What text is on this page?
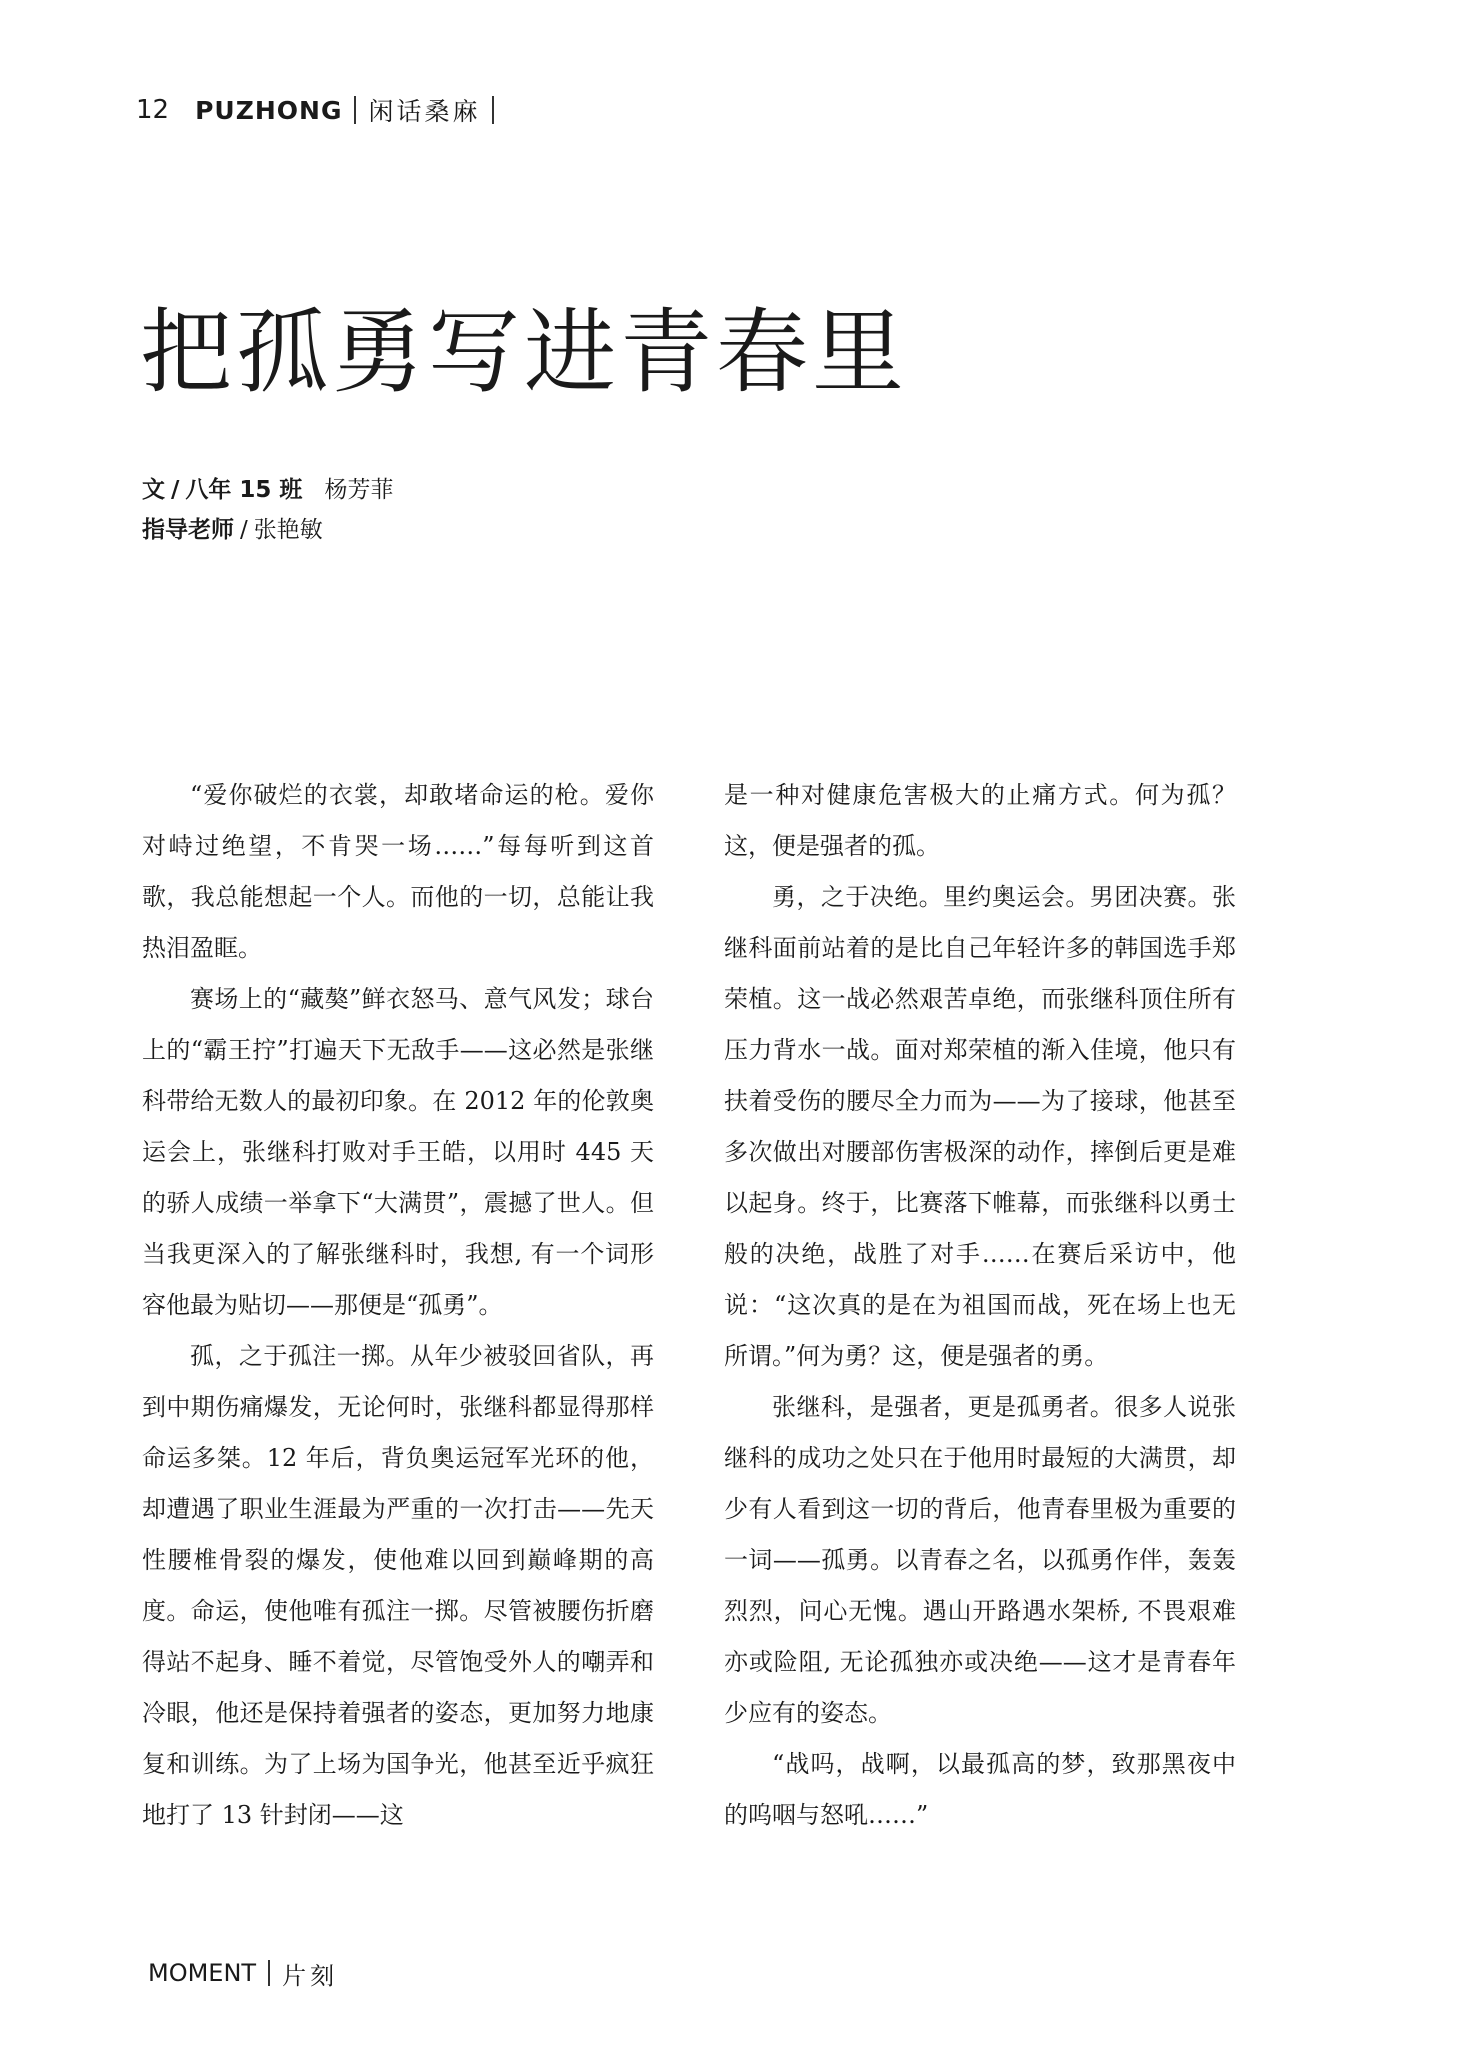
12 PUZHONG 闲话桑麻
把孤勇写进青春里
文 / 八年 15 班 杨芳菲
指导老师 / 张艳敏

“爱你破烂的衣裳，却敢堵命运的枪。爱你对峙过绝望，不肯哭一场……”每每听到这首歌，我总能想起一个人。而他的一切，总能让我热泪盈眶。

赛场上的“藏獒”鲜衣怒马、意气风发；球台上的“霸王拧”打遍天下无敌手——这必然是张继科带给无数人的最初印象。在 2012 年的伦敦奥运会上，张继科打败对手王皓，以用时 445 天的骄人成绩一举拿下“大满贯”，震撼了世人。但当我更深入的了解张继科时，我想, 有一个词形容他最为贴切——那便是“孤勇”。

孤，之于孤注一掷。从年少被驳回省队，再到中期伤痛爆发，无论何时，张继科都显得那样命运多桀。12 年后，背负奥运冠军光环的他，却遭遇了职业生涯最为严重的一次打击——先天性腰椎骨裂的爆发，使他难以回到巅峰期的高度。命运，使他唯有孤注一掷。尽管被腰伤折磨得站不起身、睡不着觉，尽管饱受外人的嘲弄和冷眼，他还是保持着强者的姿态，更加努力地康复和训练。为了上场为国争光，他甚至近乎疯狂地打了 13 针封闭——这

是一种对健康危害极大的止痛方式。何为孤？这，便是强者的孤。

勇，之于决绝。里约奥运会。男团决赛。张继科面前站着的是比自己年轻许多的韩国选手郑荣植。这一战必然艰苦卓绝，而张继科顶住所有压力背水一战。面对郑荣植的渐入佳境，他只有扶着受伤的腰尽全力而为——为了接球，他甚至多次做出对腰部伤害极深的动作，摔倒后更是难以起身。终于，比赛落下帷幕，而张继科以勇士般的决绝，战胜了对手……在赛后采访中，他说：“这次真的是在为祖国而战，死在场上也无所谓。”何为勇？这，便是强者的勇。

张继科，是强者，更是孤勇者。很多人说张继科的成功之处只在于他用时最短的大满贯，却少有人看到这一切的背后，他青春里极为重要的一词——孤勇。以青春之名，以孤勇作伴，轰轰烈烈，问心无愧。遇山开路遇水架桥, 不畏艰难亦或险阻, 无论孤独亦或决绝——这才是青春年少应有的姿态。

“战吗，战啊，以最孤高的梦，致那黑夜中的呜咽与怒吼……”

MOMENT 片刻
